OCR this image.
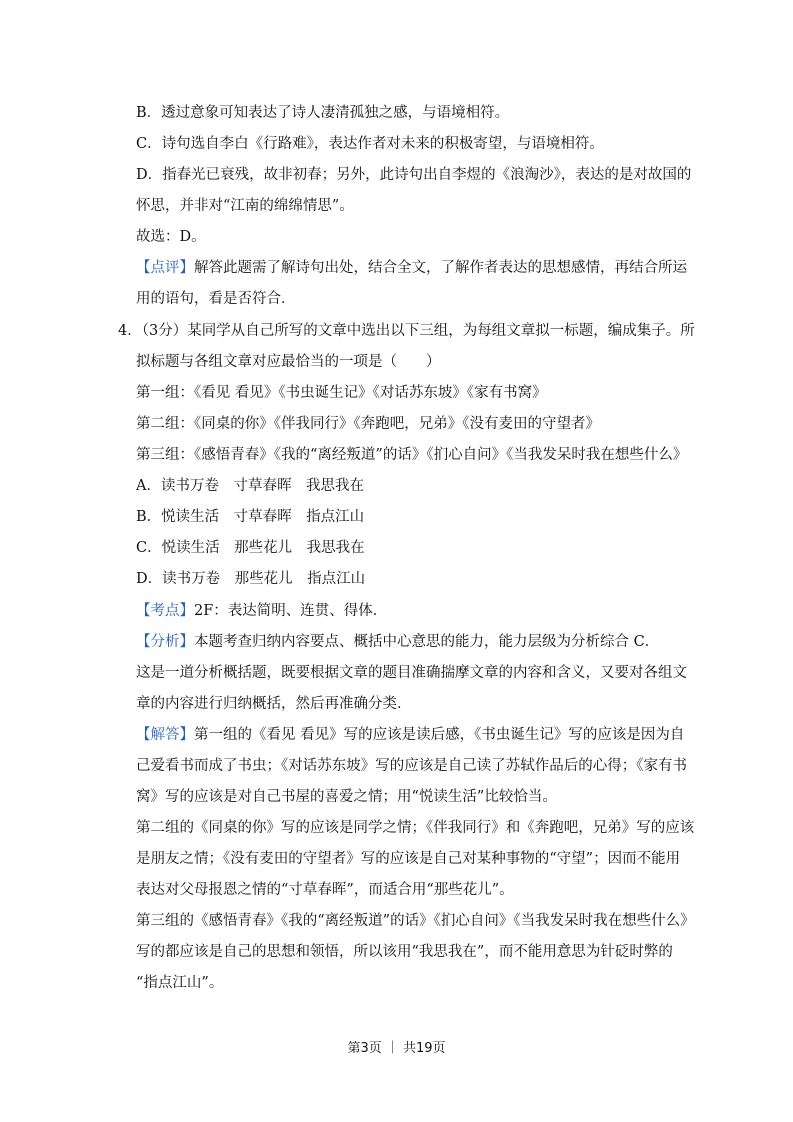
B．透过意象可知表达了诗人凄清孤独之感，与语境相符。
C．诗句选自李白《行路难》，表达作者对未来的积极寄望，与语境相符。
D．指春光已衰残，故非初春；另外，此诗句出自李煜的《浪淘沙》，表达的是对故国的
怀思，并非对“江南的绵绵情思”。
故选：D。
【点评】解答此题需了解诗句出处，结合全文，了解作者表达的思想感情，再结合所运
用的语句，看是否符合．
4．（3分）某同学从自己所写的文章中选出以下三组，为每组文章拟一标题，编成集子。所
拟标题与各组文章对应最恰当的一项是（　　）
第一组：《看见 看见》《书虫诞生记》《对话苏东坡》《家有书窝》
第二组：《同桌的你》《伴我同行》《奔跑吧，兄弟》《没有麦田的守望者》
第三组：《感悟青春》《我的“离经叛道”的话》《扪心自问》《当我发呆时我在想些什么》
A．读书万卷　寸草春晖　我思我在
B．悦读生活　寸草春晖　指点江山
C．悦读生活　那些花儿　我思我在
D．读书万卷　那些花儿　指点江山
【考点】2F：表达简明、连贯、得体．
【分析】本题考查归纳内容要点、概括中心意思的能力，能力层级为分析综合 C．
这是一道分析概括题，既要根据文章的题目准确揣摩文章的内容和含义，又要对各组文
章的内容进行归纳概括，然后再准确分类．
【解答】第一组的《看见 看见》写的应该是读后感，《书虫诞生记》写的应该是因为自
己爱看书而成了书虫；《对话苏东坡》写的应该是自己读了苏轼作品后的心得；《家有书
窝》写的应该是对自己书屋的喜爱之情；用“悦读生活”比较恰当。
第二组的《同桌的你》写的应该是同学之情；《伴我同行》和《奔跑吧，兄弟》写的应该
是朋友之情；《没有麦田的守望者》写的应该是自己对某种事物的“守望”；因而不能用
表达对父母报恩之情的“寸草春晖”，而适合用“那些花儿”。
第三组的《感悟青春》《我的“离经叛道”的话》《扪心自问》《当我发呆时我在想些什么》
写的都应该是自己的思想和领悟，所以该用“我思我在”，而不能用意思为针砭时弊的
“指点江山”。
第3页 ｜ 共19页
